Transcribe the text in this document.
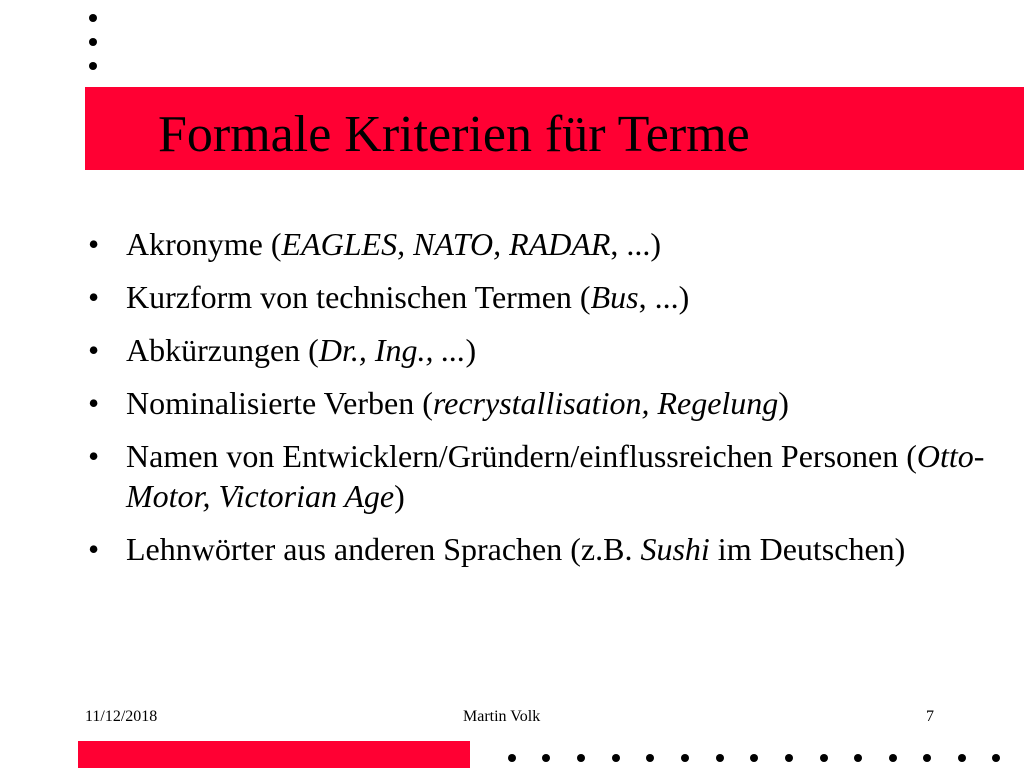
Formale Kriterien für Terme
• Akronyme (EAGLES, NATO, RADAR, ...)
• Kurzform von technischen Termen (Bus, ...)
• Abkürzungen (Dr., Ing., ...)
• Nominalisierte Verben (recrystallisation, Regelung)
• Namen von Entwicklern/Gründern/einflussreichen Personen (Otto-Motor, Victorian Age)
• Lehnwörter aus anderen Sprachen (z.B. Sushi im Deutschen)
11/12/2018	Martin Volk	7
